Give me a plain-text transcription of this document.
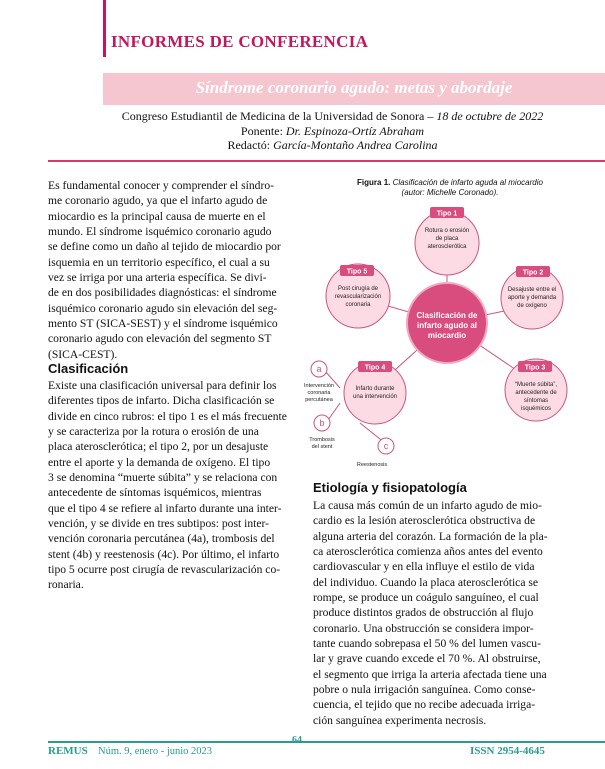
INFORMES DE CONFERENCIA
Síndrome coronario agudo: metas y abordaje
Congreso Estudiantil de Medicina de la Universidad de Sonora – 18 de octubre de 2022
Ponente: Dr. Espinoza-Ortíz Abraham
Redactó: García-Montaño Andrea Carolina

Es fundamental conocer y comprender el síndro-

me coronario agudo, ya que el infarto agudo de

miocardio es la principal causa de muerte en el

mundo. El síndrome isquémico coronario agudo

se define como un daño al tejido de miocardio por

isquemia en un territorio específico, el cual a su

vez se irriga por una arteria específica. Se divi-

de en dos posibilidades diagnósticas: el síndrome

isquémico coronario agudo sin elevación del seg-

mento ST (SICA-SEST) y el síndrome isquémico

coronario agudo con elevación del segmento ST

(SICA-CEST).

Clasificación

Existe una clasificación universal para definir los

diferentes tipos de infarto. Dicha clasificación se

divide en cinco rubros: el tipo 1 es el más frecuente

y se caracteriza por la rotura o erosión de una

placa aterosclerótica; el tipo 2, por un desajuste

entre el aporte y la demanda de oxígeno. El tipo

3 se denomina “muerte súbita” y se relaciona con

antecedente de síntomas isquémicos, mientras

que el tipo 4 se refiere al infarto durante una inter-

vención, y se divide en tres subtipos: post inter-

vención coronaria percutánea (4a), trombosis del

stent (4b) y reestenosis (4c). Por último, el infarto

tipo 5 ocurre post cirugía de revascularización co-

ronaria.

Figura 1. Clasificación de infarto aguda al miocardio
(autor: Michelle Coronado).
Clasificación de
infarto agudo al
miocardio
Tipo 1
Rotura o erosión
de placa
aterosclerótica
Tipo 2
Desajuste entre el
aporte y demanda
de oxígeno
Tipo 3
“Muerte súbita”,
antecedente de
síntomas
isquémicos
Tipo 4
Infarto durante
una intervención
Tipo 5
Post cirugía de
revascularización
coronaria
a
Intervención
coronaria
percutánea
b
Trombosis
del stent	c
Reestenosis
Etiología y fisiopatología

La causa más común de un infarto agudo de mio-

cardio es la lesión aterosclerótica obstructiva de

alguna arteria del corazón. La formación de la pla-

ca aterosclerótica comienza años antes del evento

cardiovascular y en ella influye el estilo de vida

del individuo. Cuando la placa aterosclerótica se

rompe, se produce un coágulo sanguíneo, el cual

produce distintos grados de obstrucción al flujo

coronario. Una obstrucción se considera impor-

tante cuando sobrepasa el 50 % del lumen vascu-

lar y grave cuando excede el 70 %. Al obstruirse,

el segmento que irriga la arteria afectada tiene una

pobre o nula irrigación sanguínea. Como conse-

cuencia, el tejido que no recibe adecuada irriga-

ción sanguínea experimenta necrosis.

REMUS Núm. 9, enero - junio 2023
64
ISSN 2954-4645
